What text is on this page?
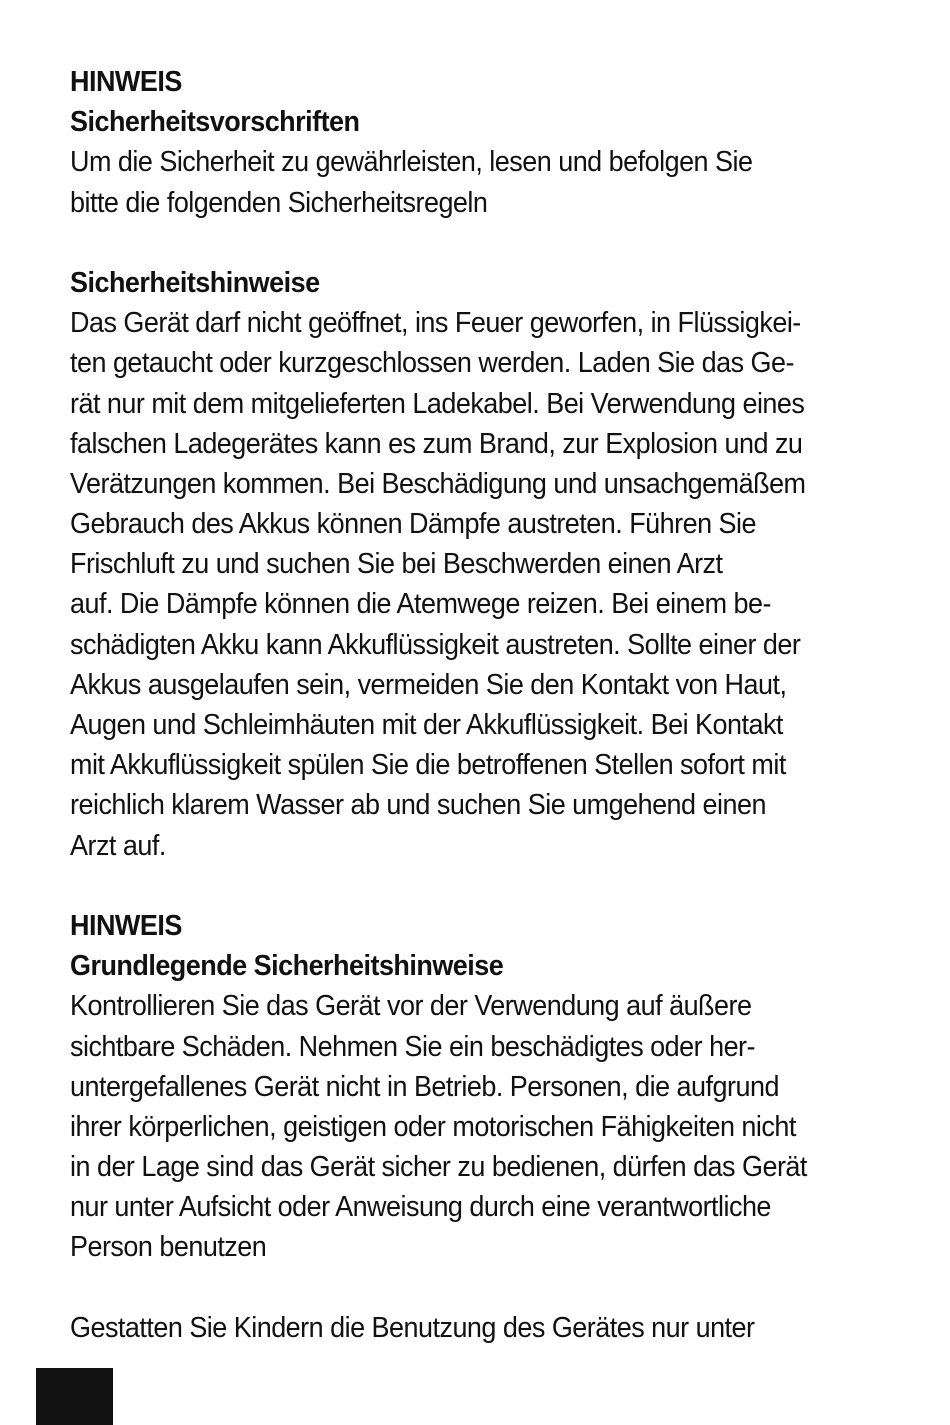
HINWEIS
Sicherheitsvorschriften
Um die Sicherheit zu gewährleisten, lesen und befolgen Sie
bitte die folgenden Sicherheitsregeln
Sicherheitshinweise
Das Gerät darf nicht geöffnet, ins Feuer geworfen, in Flüssigkei-
ten getaucht oder kurzgeschlossen werden. Laden Sie das Ge-
rät nur mit dem mitgelieferten Ladekabel. Bei Verwendung eines
falschen Ladegerätes kann es zum Brand, zur Explosion und zu
Verätzungen kommen. Bei Beschädigung und unsachgemäßem
Gebrauch des Akkus können Dämpfe austreten. Führen Sie
Frischluft zu und suchen Sie bei Beschwerden einen Arzt
auf. Die Dämpfe können die Atemwege reizen. Bei einem be-
schädigten Akku kann Akkuflüssigkeit austreten. Sollte einer der
Akkus ausgelaufen sein, vermeiden Sie den Kontakt von Haut,
Augen und Schleimhäuten mit der Akkuflüssigkeit. Bei Kontakt
mit Akkuflüssigkeit spülen Sie die betroffenen Stellen sofort mit
reichlich klarem Wasser ab und suchen Sie umgehend einen
Arzt auf.
HINWEIS
Grundlegende Sicherheitshinweise
Kontrollieren Sie das Gerät vor der Verwendung auf äußere
sichtbare Schäden. Nehmen Sie ein beschädigtes oder her-
untergefallenes Gerät nicht in Betrieb. Personen, die aufgrund
ihrer körperlichen, geistigen oder motorischen Fähigkeiten nicht
in der Lage sind das Gerät sicher zu bedienen, dürfen das Gerät
nur unter Aufsicht oder Anweisung durch eine verantwortliche
Person benutzen
Gestatten Sie Kindern die Benutzung des Gerätes nur unter
